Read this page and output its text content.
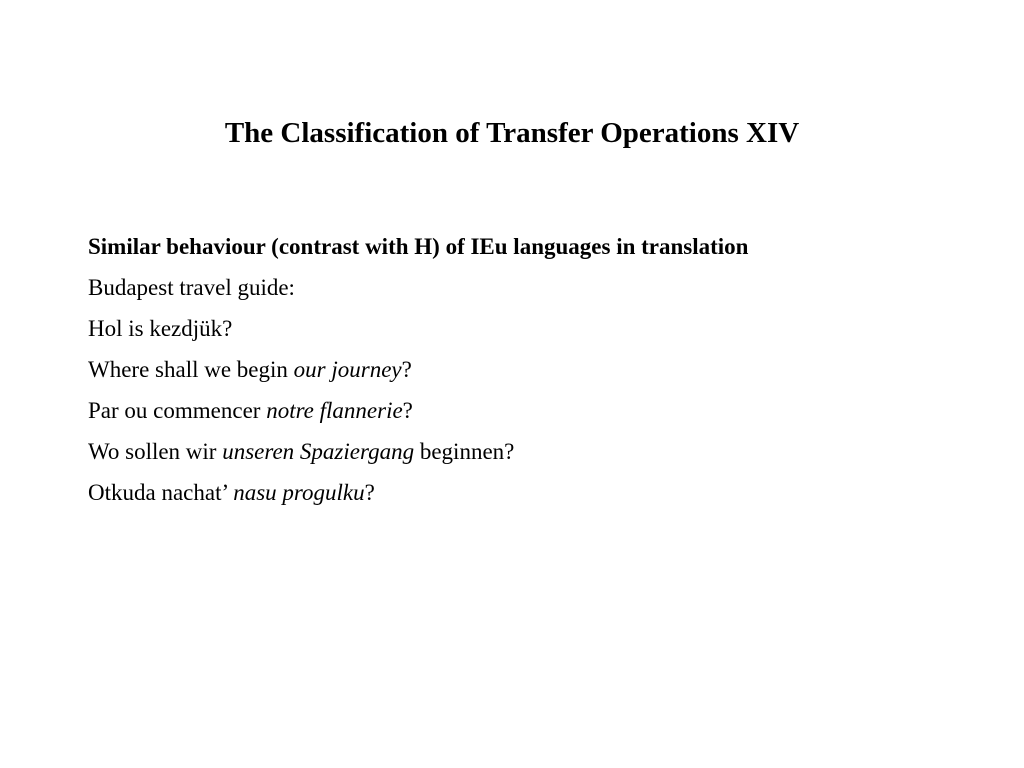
The Classification of Transfer Operations XIV
Similar behaviour (contrast with H) of IEu languages in translation
Budapest travel guide:
Hol is kezdjük?
Where shall we begin our journey?
Par ou commencer notre flannerie?
Wo sollen wir unseren Spaziergang beginnen?
Otkuda nachat’ nasu progulku?
